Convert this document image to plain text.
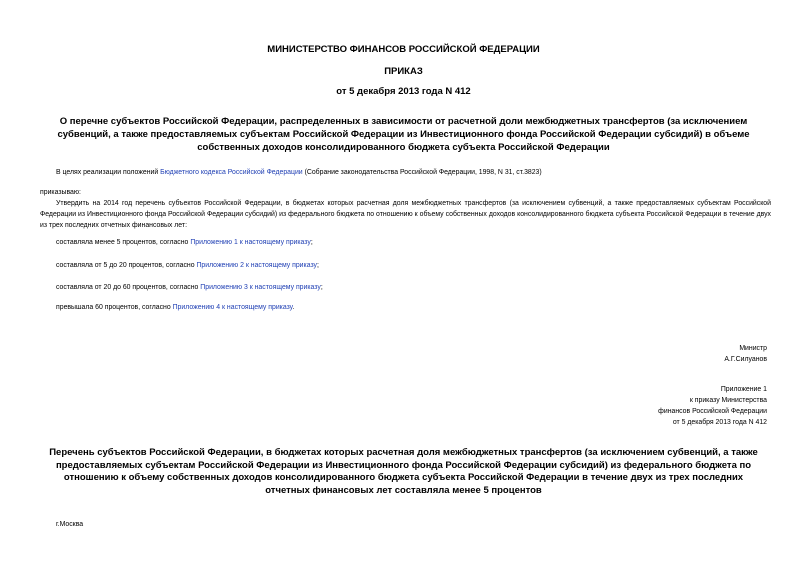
МИНИСТЕРСТВО ФИНАНСОВ РОССИЙСКОЙ ФЕДЕРАЦИИ
ПРИКАЗ
от 5 декабря 2013 года N 412
О перечне субъектов Российской Федерации, распределенных в зависимости от расчетной доли межбюджетных трансфертов (за исключением субвенций, а также предоставляемых субъектам Российской Федерации из Инвестиционного фонда Российской Федерации субсидий) в объеме собственных доходов консолидированного бюджета субъекта Российской Федерации
В целях реализации положений Бюджетного кодекса Российской Федерации (Собрание законодательства Российской Федерации, 1998, N 31, ст.3823)
приказываю:
Утвердить на 2014 год перечень субъектов Российской Федерации, в бюджетах которых расчетная доля межбюджетных трансфертов (за исключением субвенций, а также предоставляемых субъектам Российской Федерации из Инвестиционного фонда Российской Федерации субсидий) из федерального бюджета по отношению к объему собственных доходов консолидированного бюджета субъекта Российской Федерации в течение двух из трех последних отчетных финансовых лет:
составляла менее 5 процентов, согласно Приложению 1 к настоящему приказу;
составляла от 5 до 20 процентов, согласно Приложению 2 к настоящему приказу;
составляла от 20 до 60 процентов, согласно Приложению 3 к настоящему приказу;
превышала 60 процентов, согласно Приложению 4 к настоящему приказу.
Министр
А.Г.Силуанов
Приложение 1
к приказу Министерства
финансов Российской Федерации
от 5 декабря 2013 года N 412
Перечень субъектов Российской Федерации, в бюджетах которых расчетная доля межбюджетных трансфертов (за исключением субвенций, а также предоставляемых субъектам Российской Федерации из Инвестиционного фонда Российской Федерации субсидий) из федерального бюджета по отношению к объему собственных доходов консолидированного бюджета субъекта Российской Федерации в течение двух из трех последних отчетных финансовых лет составляла менее 5 процентов
г.Москва
